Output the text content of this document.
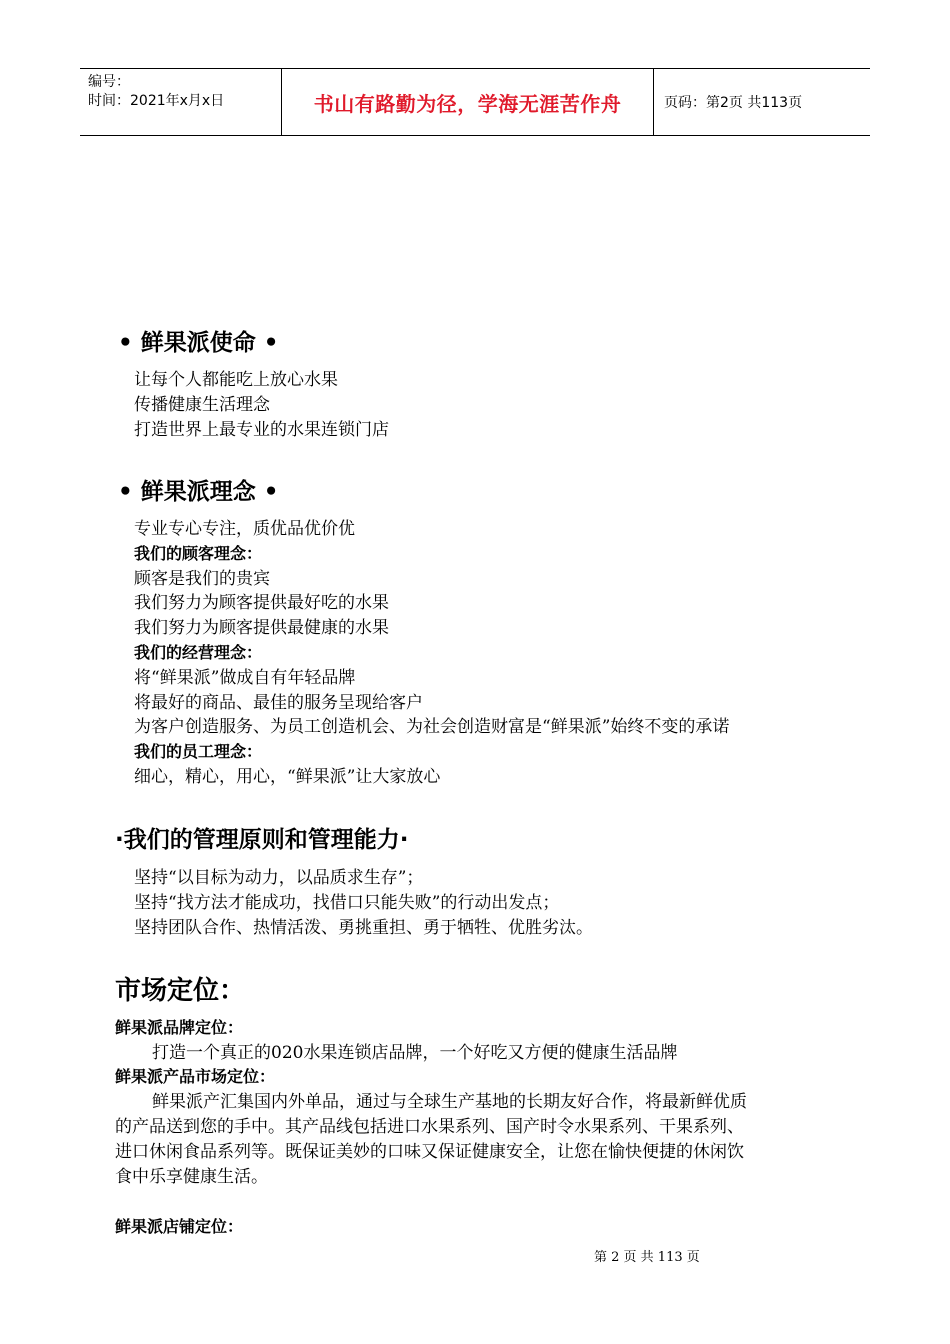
编号：
时间：2021年x月x日	书山有路勤为径，学海无涯苦作舟	页码：第2页 共113页
• 鲜果派使命 •
让每个人都能吃上放心水果
传播健康生活理念
打造世界上最专业的水果连锁门店
• 鲜果派理念 •
专业专心专注，质优品优价优
我们的顾客理念：
顾客是我们的贵宾
我们努力为顾客提供最好吃的水果
我们努力为顾客提供最健康的水果
我们的经营理念：
将“鲜果派”做成自有年轻品牌
将最好的商品、最佳的服务呈现给客户
为客户创造服务、为员工创造机会、为社会创造财富是“鲜果派”始终不变的承诺
我们的员工理念：
细心，精心，用心，“鲜果派”让大家放心
·我们的管理原则和管理能力·
坚持“以目标为动力，以品质求生存”；
坚持“找方法才能成功，找借口只能失败”的行动出发点；
坚持团队合作、热情活泼、勇挑重担、勇于牺牲、优胜劣汰。
市场定位：
鲜果派品牌定位：
打造一个真正的020水果连锁店品牌，一个好吃又方便的健康生活品牌
鲜果派产品市场定位：
鲜果派产汇集国内外单品，通过与全球生产基地的长期友好合作，将最新鲜优质
的产品送到您的手中。其产品线包括进口水果系列、国产时令水果系列、干果系列、
进口休闲食品系列等。既保证美妙的口味又保证健康安全，让您在愉快便捷的休闲饮
食中乐享健康生活。
鲜果派店铺定位：
第 2 页 共 113 页
